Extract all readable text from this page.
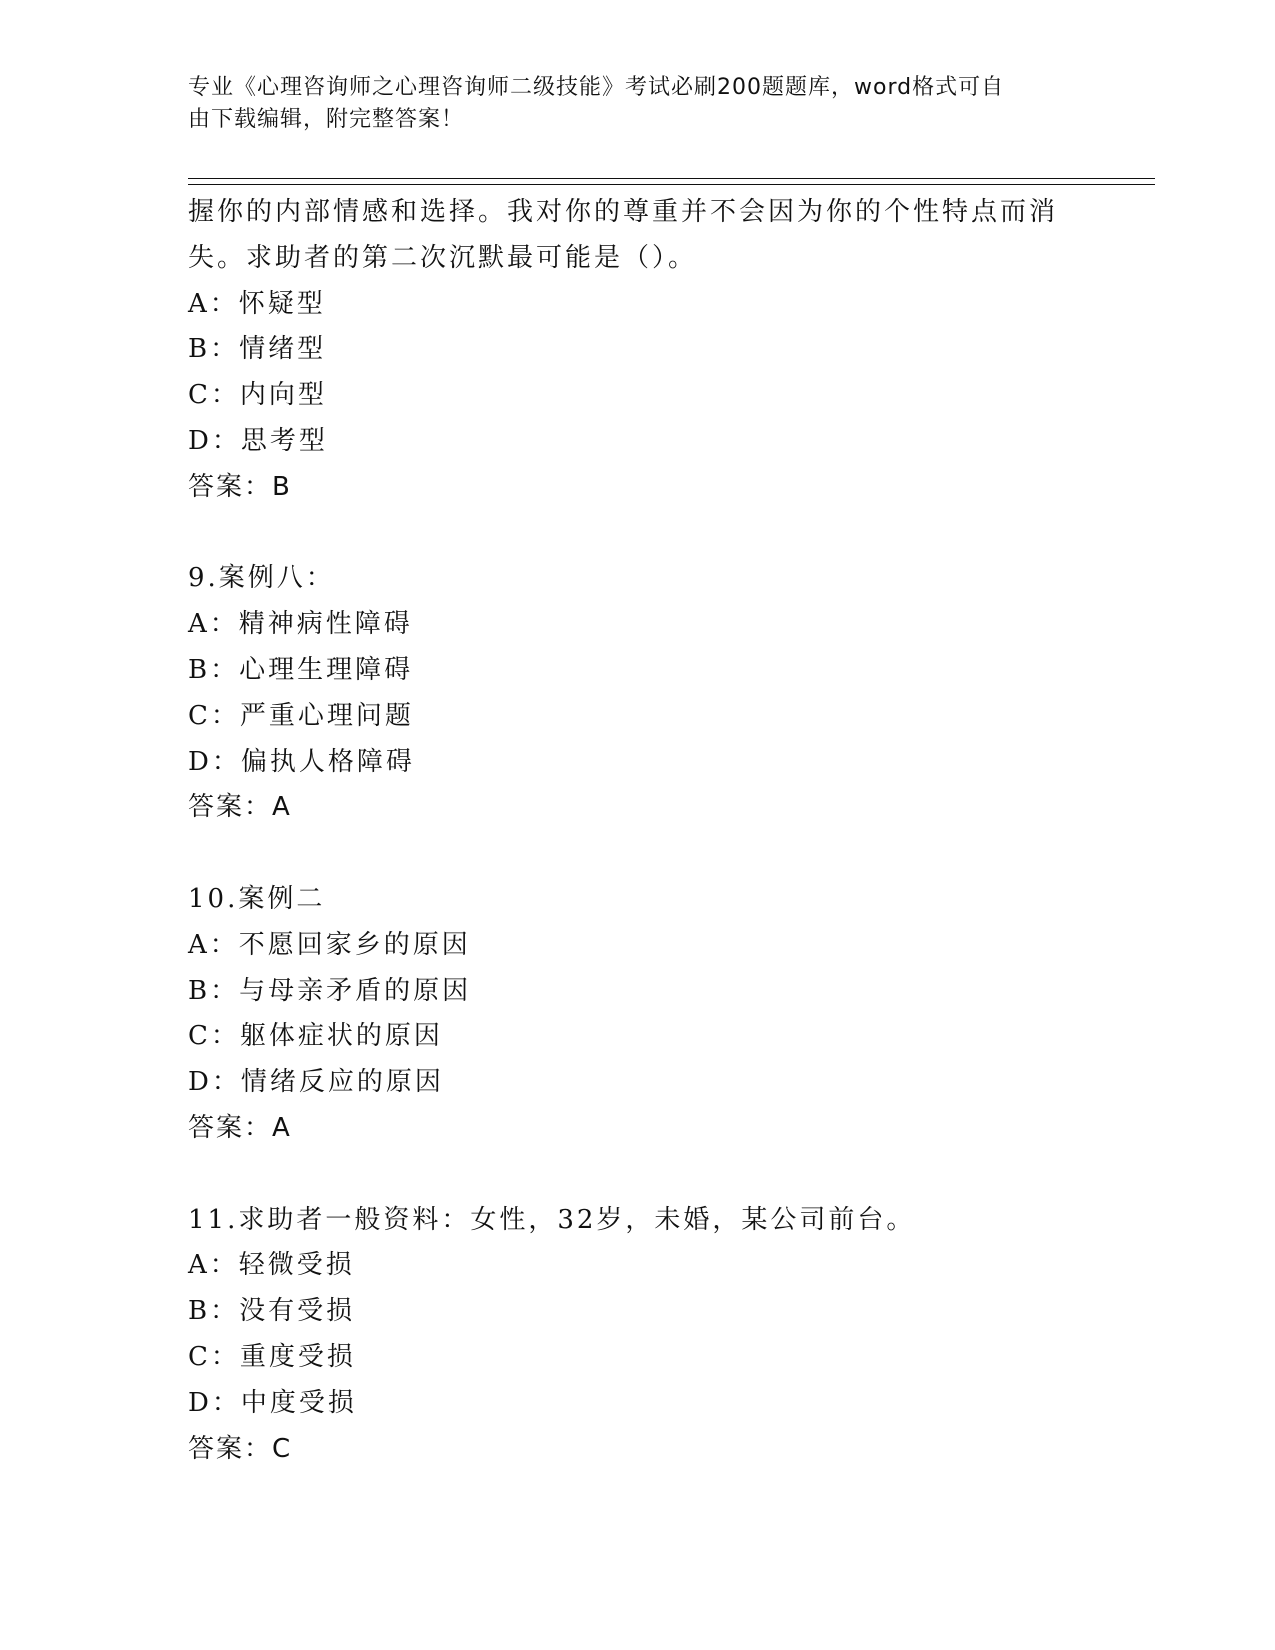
专业《心理咨询师之心理咨询师二级技能》考试必刷200题题库，word格式可自
由下载编辑，附完整答案！
握你的内部情感和选择。我对你的尊重并不会因为你的个性特点而消
失。求助者的第二次沉默最可能是（）。
A：怀疑型
B：情绪型
C：内向型
D：思考型
答案：B
9.案例八：
A：精神病性障碍
B：心理生理障碍
C：严重心理问题
D：偏执人格障碍
答案：A
10.案例二
A：不愿回家乡的原因
B：与母亲矛盾的原因
C：躯体症状的原因
D：情绪反应的原因
答案：A
11.求助者一般资料：女性，32岁，未婚，某公司前台。
A：轻微受损
B：没有受损
C：重度受损
D：中度受损
答案：C
